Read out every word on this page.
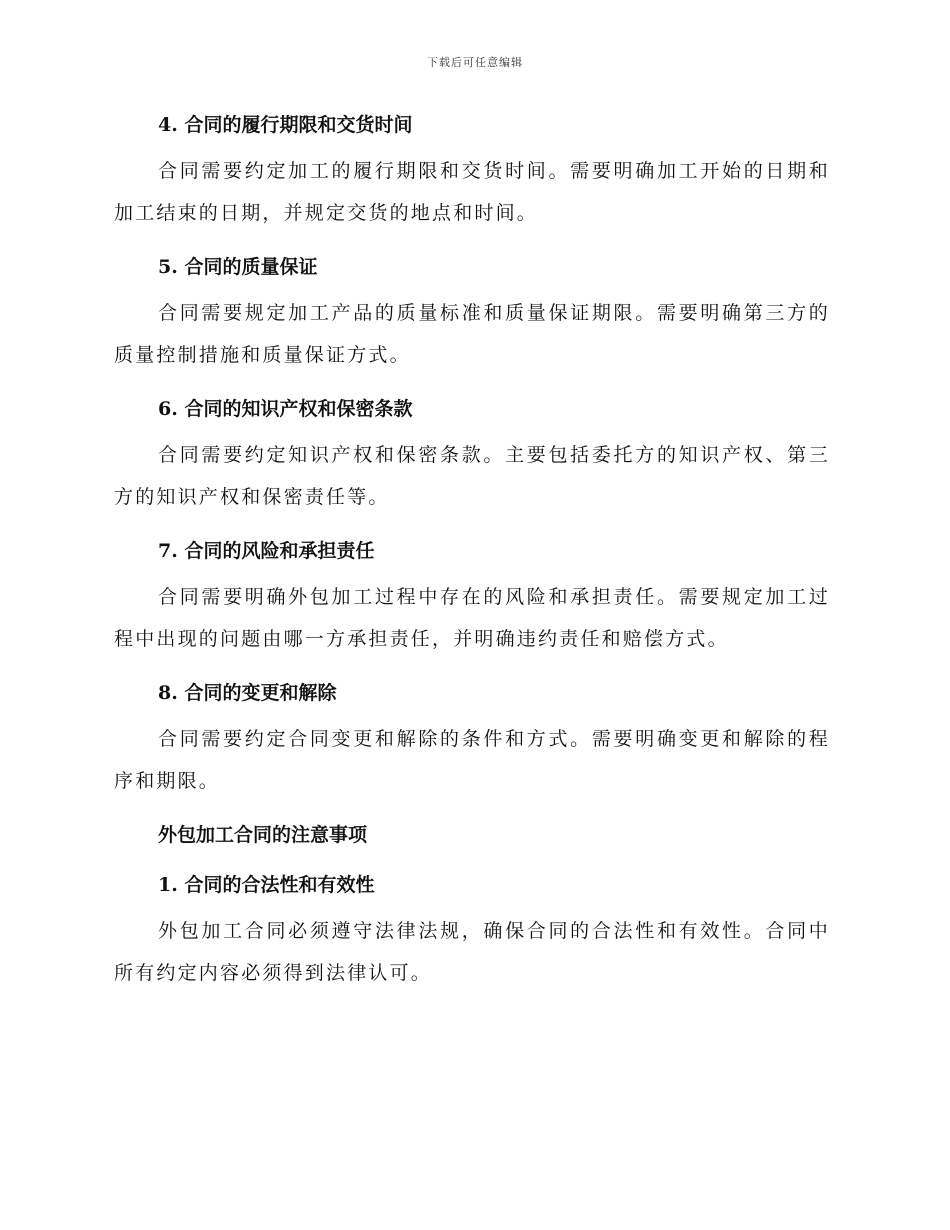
下载后可任意编辑
4. 合同的履行期限和交货时间

合同需要约定加工的履行期限和交货时间。需要明确加工开始的日期和加工结束的日期，并规定交货的地点和时间。

5. 合同的质量保证

合同需要规定加工产品的质量标准和质量保证期限。需要明确第三方的质量控制措施和质量保证方式。

6. 合同的知识产权和保密条款

合同需要约定知识产权和保密条款。主要包括委托方的知识产权、第三方的知识产权和保密责任等。

7. 合同的风险和承担责任

合同需要明确外包加工过程中存在的风险和承担责任。需要规定加工过程中出现的问题由哪一方承担责任，并明确违约责任和赔偿方式。

8. 合同的变更和解除

合同需要约定合同变更和解除的条件和方式。需要明确变更和解除的程序和期限。

外包加工合同的注意事项
1. 合同的合法性和有效性

外包加工合同必须遵守法律法规，确保合同的合法性和有效性。合同中所有约定内容必须得到法律认可。
